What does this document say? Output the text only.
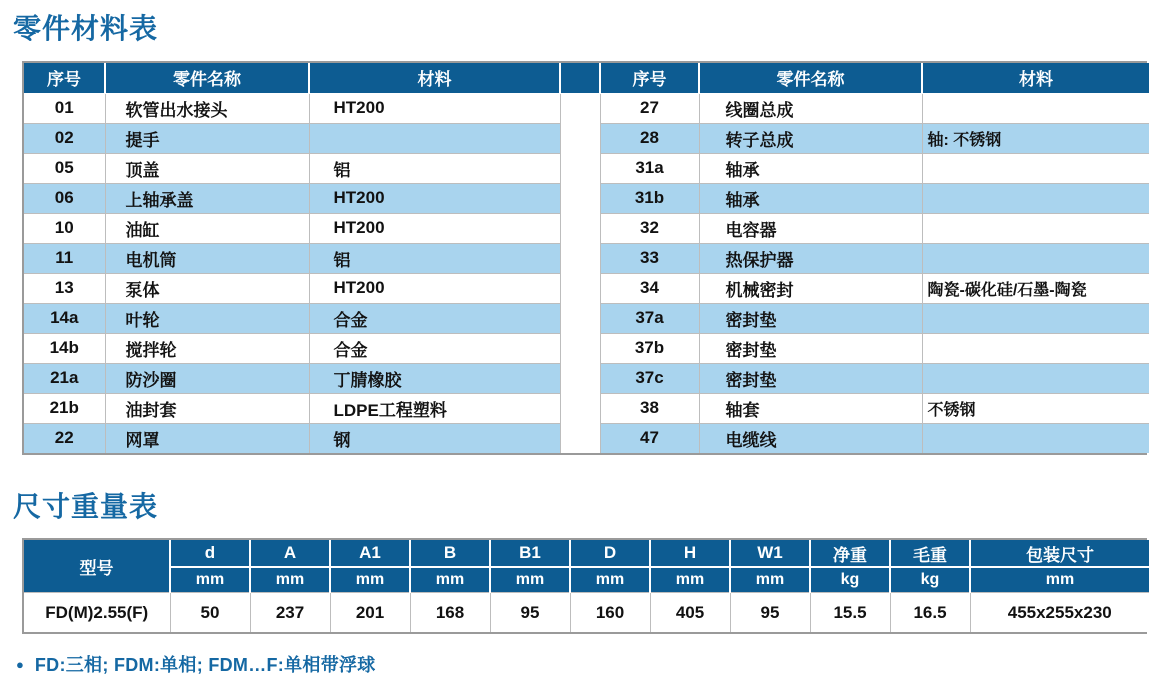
零件材料表
序号	零件名称	材料		序号	零件名称	材料
01	软管出水接头	HT200		27	线圈总成	
02	提手			28	转子总成	轴: 不锈钢
05	顶盖	铝		31a	轴承	
06	上轴承盖	HT200		31b	轴承	
10	油缸	HT200		32	电容器	
11	电机筒	铝		33	热保护器	
13	泵体	HT200		34	机械密封	陶瓷-碳化硅/石墨-陶瓷
14a	叶轮	合金		37a	密封垫	
14b	搅拌轮	合金		37b	密封垫	
21a	防沙圈	丁腈橡胶		37c	密封垫	
21b	油封套	LDPE工程塑料		38	轴套	不锈钢
22	网罩	钢		47	电缆线	
尺寸重量表
型号	d	A	A1	B	B1	D	H	W1	净重	毛重	包装尺寸
	mm	mm	mm	mm	mm	mm	mm	mm	kg	kg	mm
FD(M)2.55(F)	50	237	201	168	95	160	405	95	15.5	16.5	455x255x230
● FD:三相; FDM:单相; FDM…F:单相带浮球
